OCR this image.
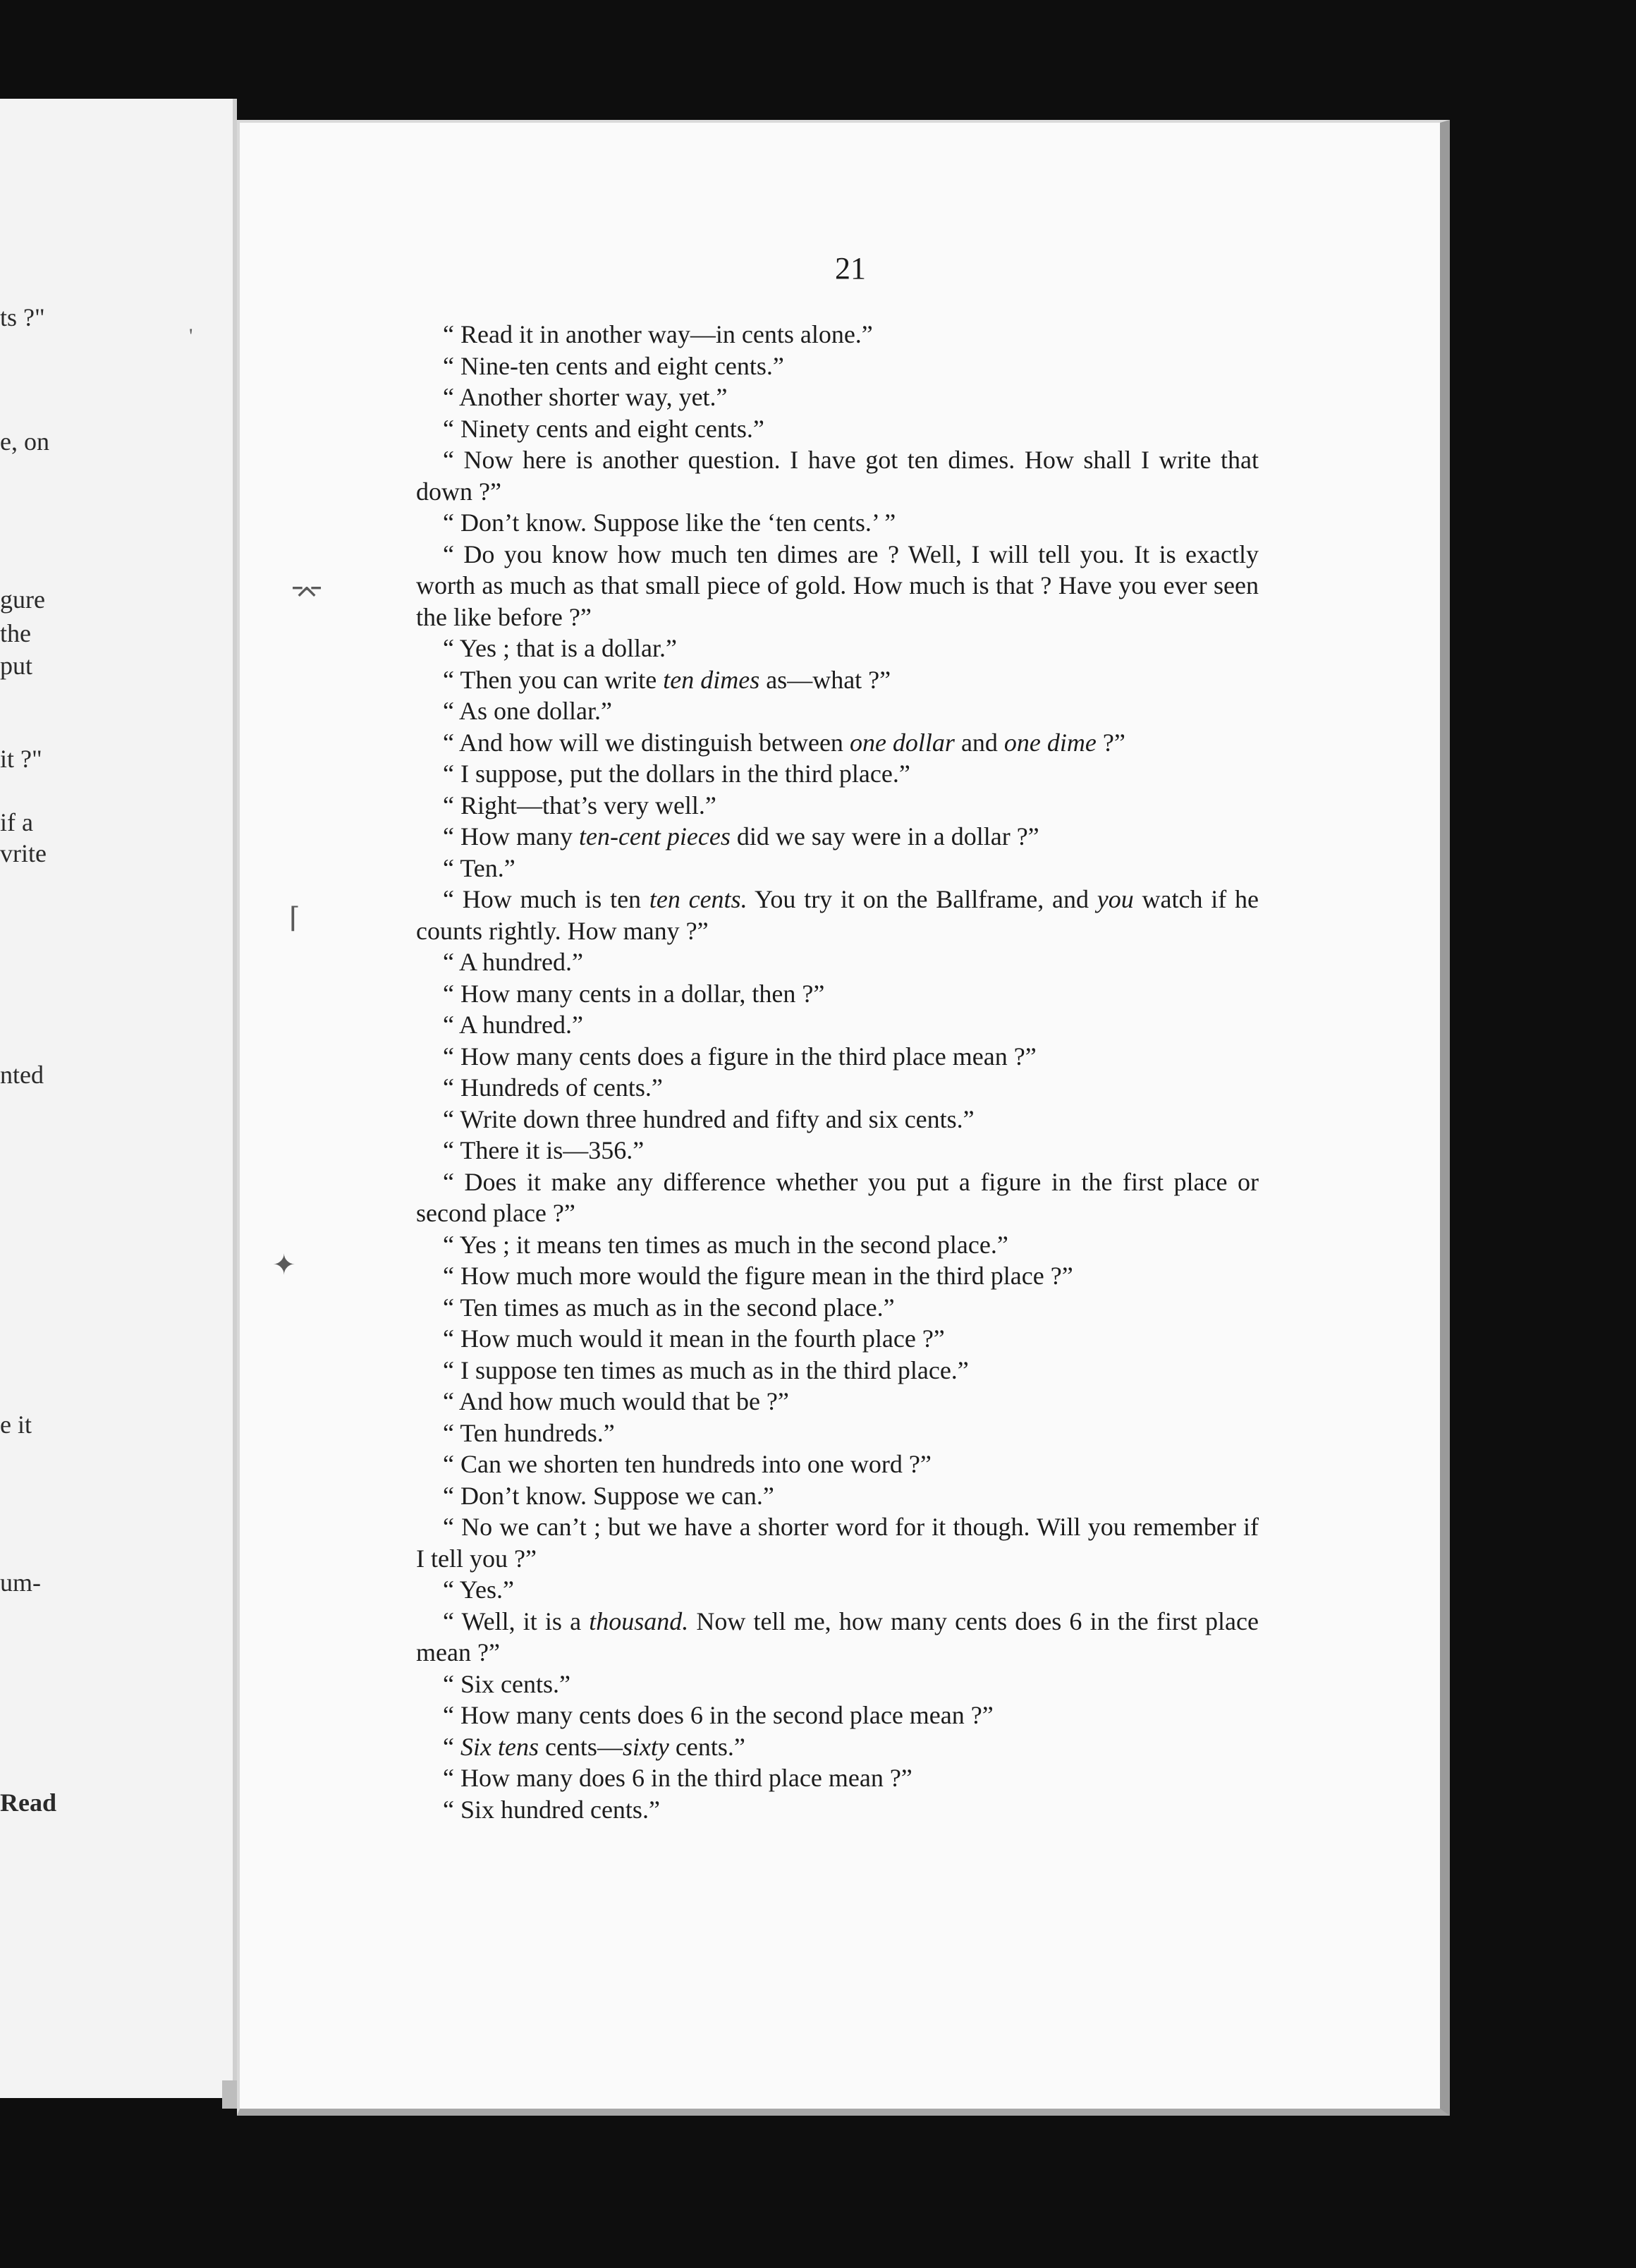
ts ?"
e, on
gure
the
put
it ?"
if a
vrite
nted
e it
um-
Read
'
⌤
⌈
✦
21

“ Read it in another way—in cents alone.”

“ Nine-ten cents and eight cents.”

“ Another shorter way, yet.”

“ Ninety cents and eight cents.”

“ Now here is another question. I have got ten dimes. How shall I write that down ?”

“ Don’t know. Suppose like the ‘ten cents.’ ”

“ Do you know how much ten dimes are ? Well, I will tell you. It is exactly worth as much as that small piece of gold. How much is that ? Have you ever seen the like before ?”

“ Yes ; that is a dollar.”

“ Then you can write ten dimes as—what ?”

“ As one dollar.”

“ And how will we distinguish between one dollar and one dime ?”

“ I suppose, put the dollars in the third place.”

“ Right—that’s very well.”

“ How many ten-cent pieces did we say were in a dollar ?”

“ Ten.”

“ How much is ten ten cents. You try it on the Ballframe, and you watch if he counts rightly. How many ?”

“ A hundred.”

“ How many cents in a dollar, then ?”

“ A hundred.”

“ How many cents does a figure in the third place mean ?”

“ Hundreds of cents.”

“ Write down three hundred and fifty and six cents.”

“ There it is—356.”

“ Does it make any difference whether you put a figure in the first place or second place ?”

“ Yes ; it means ten times as much in the second place.”

“ How much more would the figure mean in the third place ?”

“ Ten times as much as in the second place.”

“ How much would it mean in the fourth place ?”

“ I suppose ten times as much as in the third place.”

“ And how much would that be ?”

“ Ten hundreds.”

“ Can we shorten ten hundreds into one word ?”

“ Don’t know. Suppose we can.”

“ No we can’t ; but we have a shorter word for it though. Will you remember if I tell you ?”

“ Yes.”

“ Well, it is a thousand. Now tell me, how many cents does 6 in the first place mean ?”

“ Six cents.”

“ How many cents does 6 in the second place mean ?”

“ Six tens cents—sixty cents.”

“ How many does 6 in the third place mean ?”

“ Six hundred cents.”
